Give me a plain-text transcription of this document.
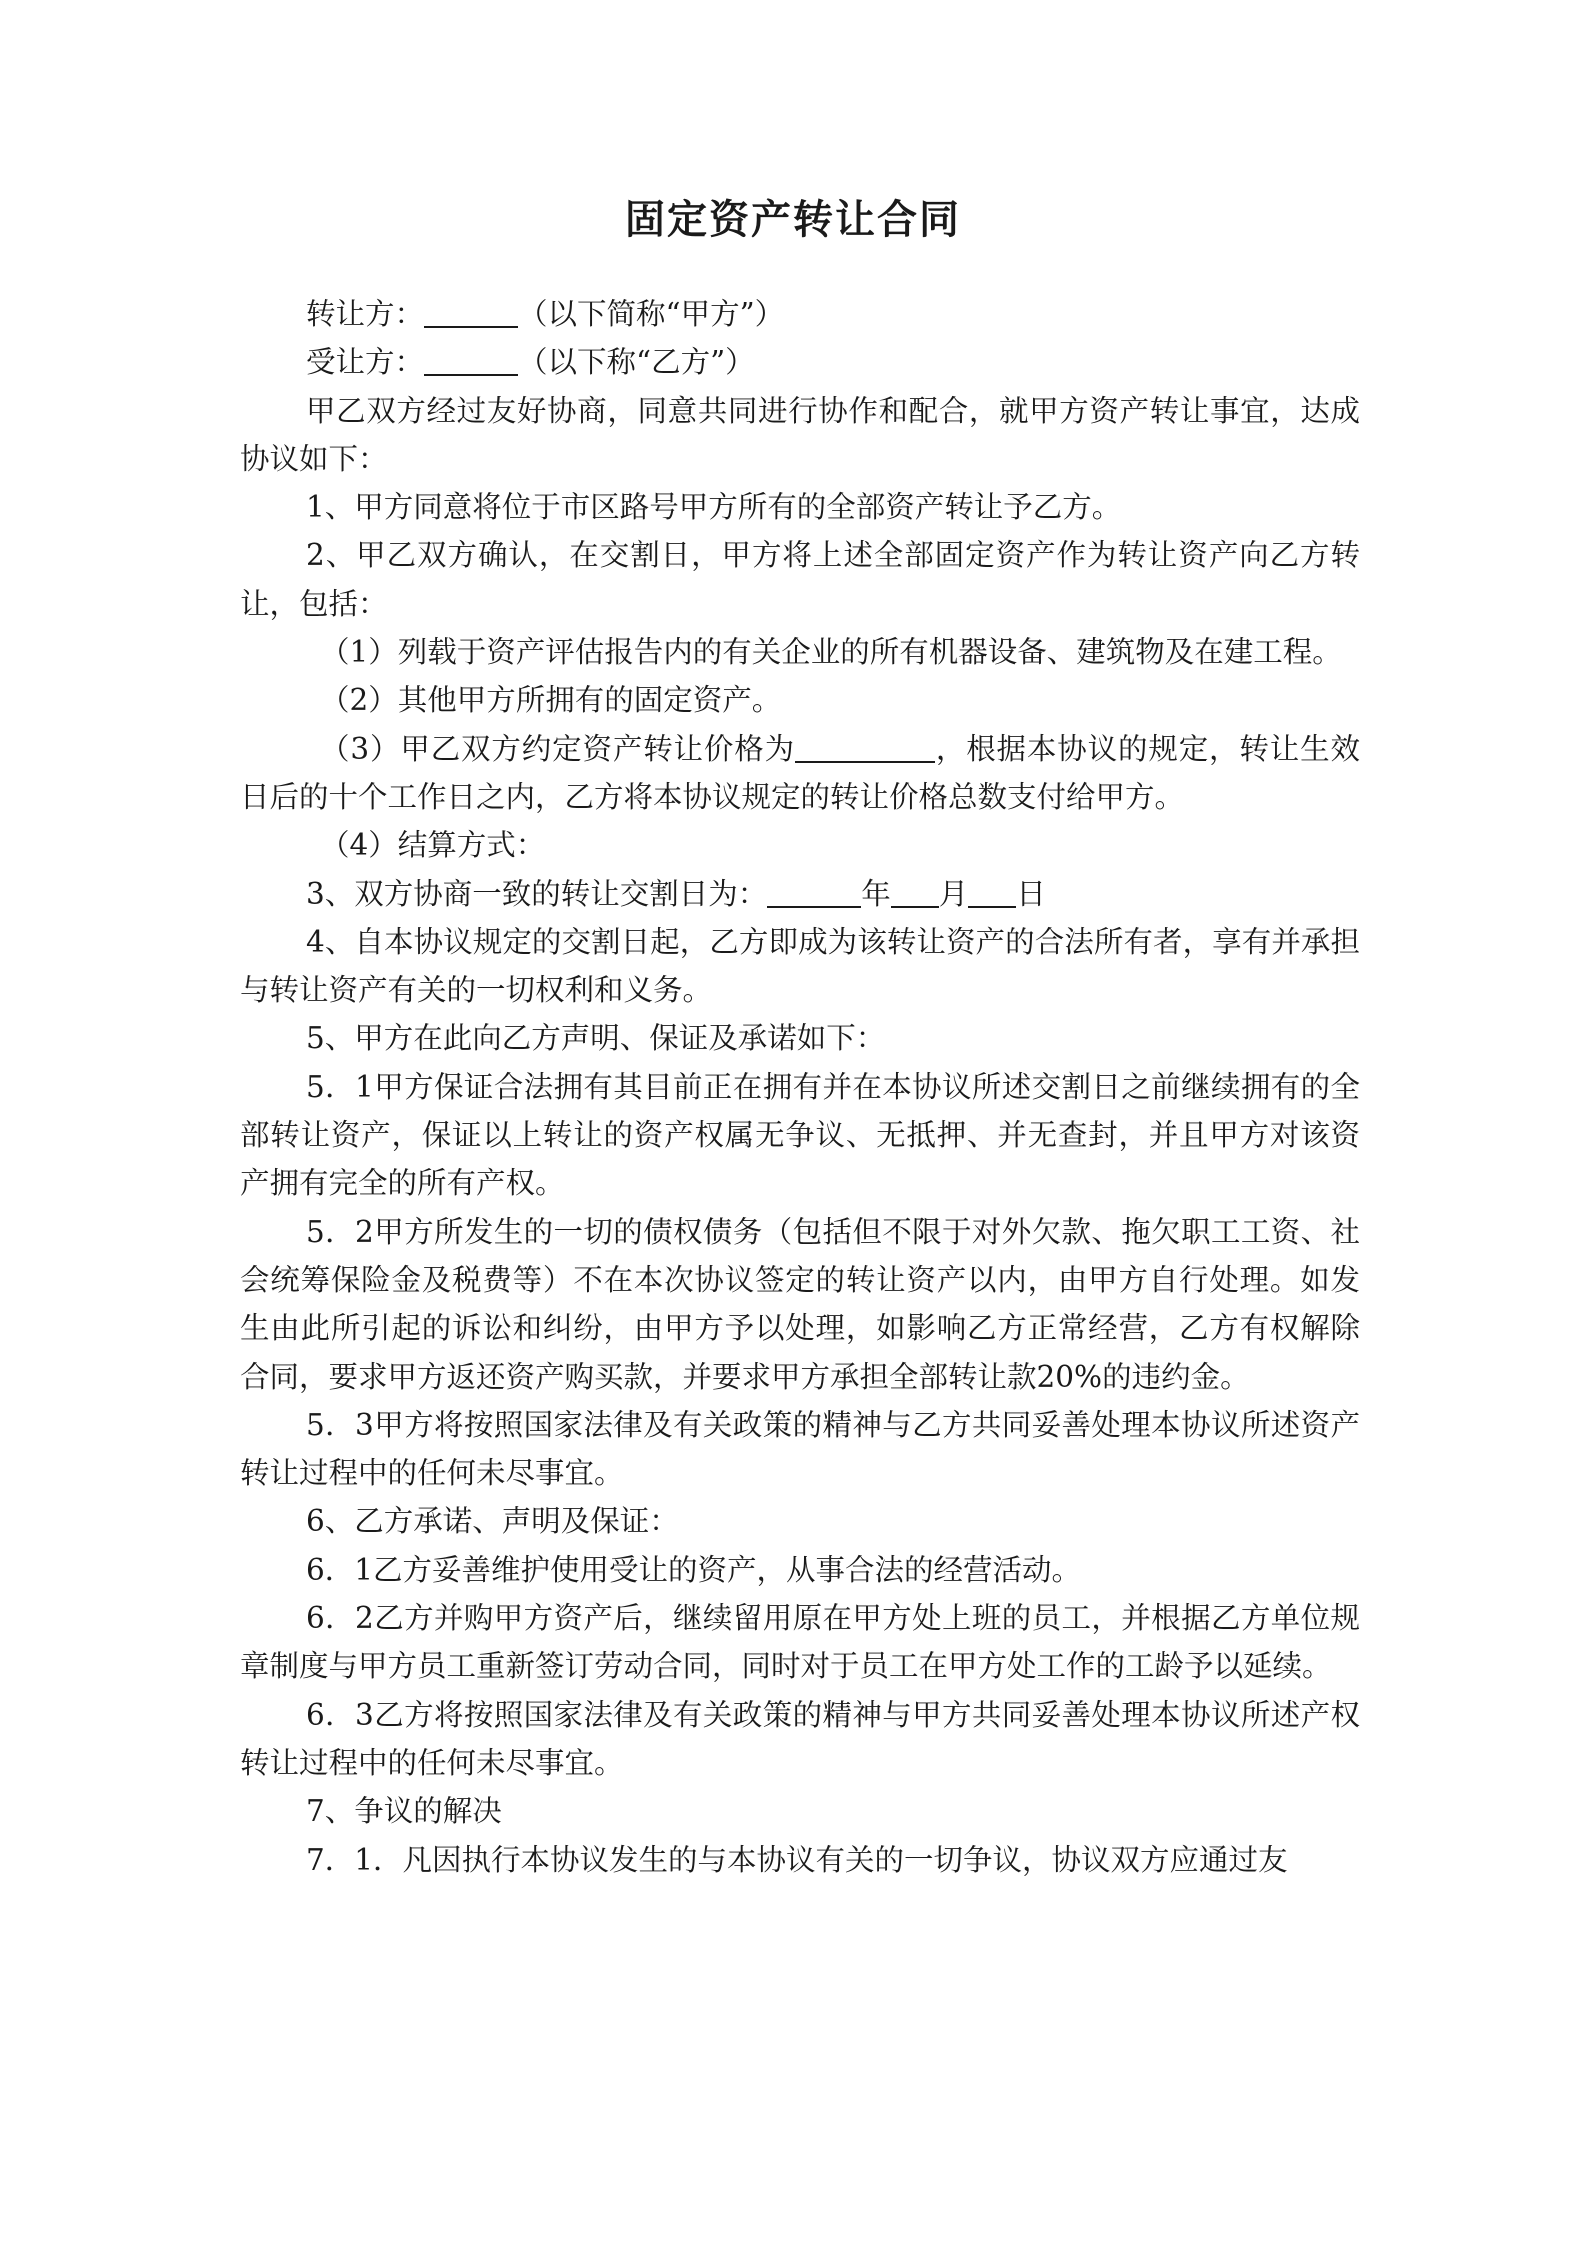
固定资产转让合同

转让方：	（以下简称“甲方”）

受让方：	（以下称“乙方”）

甲乙双方经过友好协商，同意共同进行协作和配合，就甲方资产转让事宜，达成协议如下：

1、甲方同意将位于市区路号甲方所有的全部资产转让予乙方。

2、甲乙双方确认，在交割日，甲方将上述全部固定资产作为转让资产向乙方转让，包括：

（1）列载于资产评估报告内的有关企业的所有机器设备、建筑物及在建工程。

（2）其他甲方所拥有的固定资产。

（3）甲乙双方约定资产转让价格为	，根据本协议的规定，转让生效日后的十个工作日之内，乙方将本协议规定的转让价格总数支付给甲方。

（4）结算方式：

3、双方协商一致的转让交割日为：	年 月 日

4、自本协议规定的交割日起，乙方即成为该转让资产的合法所有者，享有并承担与转让资产有关的一切权利和义务。

5、甲方在此向乙方声明、保证及承诺如下：

5．1甲方保证合法拥有其目前正在拥有并在本协议所述交割日之前继续拥有的全部转让资产，保证以上转让的资产权属无争议、无抵押、并无查封，并且甲方对该资产拥有完全的所有产权。

5．2甲方所发生的一切的债权债务（包括但不限于对外欠款、拖欠职工工资、社会统筹保险金及税费等）不在本次协议签定的转让资产以内，由甲方自行处理。如发生由此所引起的诉讼和纠纷，由甲方予以处理，如影响乙方正常经营，乙方有权解除合同，要求甲方返还资产购买款，并要求甲方承担全部转让款20%的违约金。

5．3甲方将按照国家法律及有关政策的精神与乙方共同妥善处理本协议所述资产转让过程中的任何未尽事宜。

6、乙方承诺、声明及保证：

6．1乙方妥善维护使用受让的资产，从事合法的经营活动。

6．2乙方并购甲方资产后，继续留用原在甲方处上班的员工，并根据乙方单位规章制度与甲方员工重新签订劳动合同，同时对于员工在甲方处工作的工龄予以延续。

6．3乙方将按照国家法律及有关政策的精神与甲方共同妥善处理本协议所述产权转让过程中的任何未尽事宜。

7、争议的解决

7．1．凡因执行本协议发生的与本协议有关的一切争议，协议双方应通过友
